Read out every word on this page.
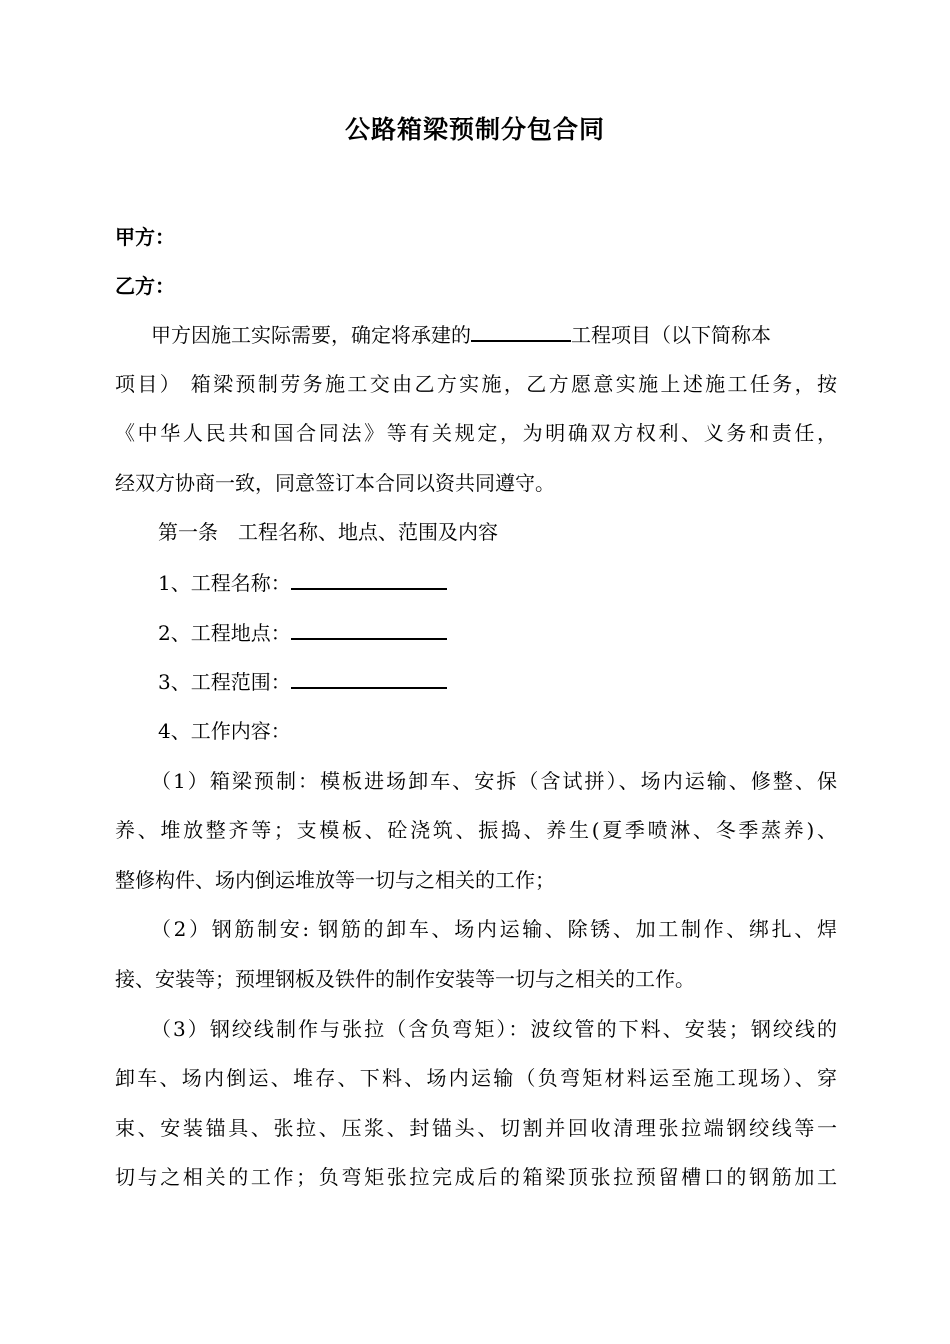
公路箱梁预制分包合同
甲方：
乙方：
甲方因施工实际需要，确定将承建的	工程项目（以下简称本
项目） 箱梁预制劳务施工交由乙方实施，乙方愿意实施上述施工任务，按
《中华人民共和国合同法》等有关规定，为明确双方权利、义务和责任，
经双方协商一致，同意签订本合同以资共同遵守。
第一条　工程名称、地点、范围及内容
1、工程名称：
2、工程地点：
3、工程范围：
4、工作内容：
（1）箱梁预制：模板进场卸车、安拆（含试拼）、场内运输、修整、保
养、堆放整齐等；支模板、砼浇筑、振捣、养生(夏季喷淋、冬季蒸养)、
整修构件、场内倒运堆放等一切与之相关的工作；
（2）钢筋制安: 钢筋的卸车、场内运输、除锈、加工制作、绑扎、焊
接、安装等；预埋钢板及铁件的制作安装等一切与之相关的工作。
（3）钢绞线制作与张拉（含负弯矩）：波纹管的下料、安装；钢绞线的
卸车、场内倒运、堆存、下料、场内运输（负弯矩材料运至施工现场）、穿
束、安装锚具、张拉、压浆、封锚头、切割并回收清理张拉端钢绞线等一
切与之相关的工作；负弯矩张拉完成后的箱梁顶张拉预留槽口的钢筋加工
